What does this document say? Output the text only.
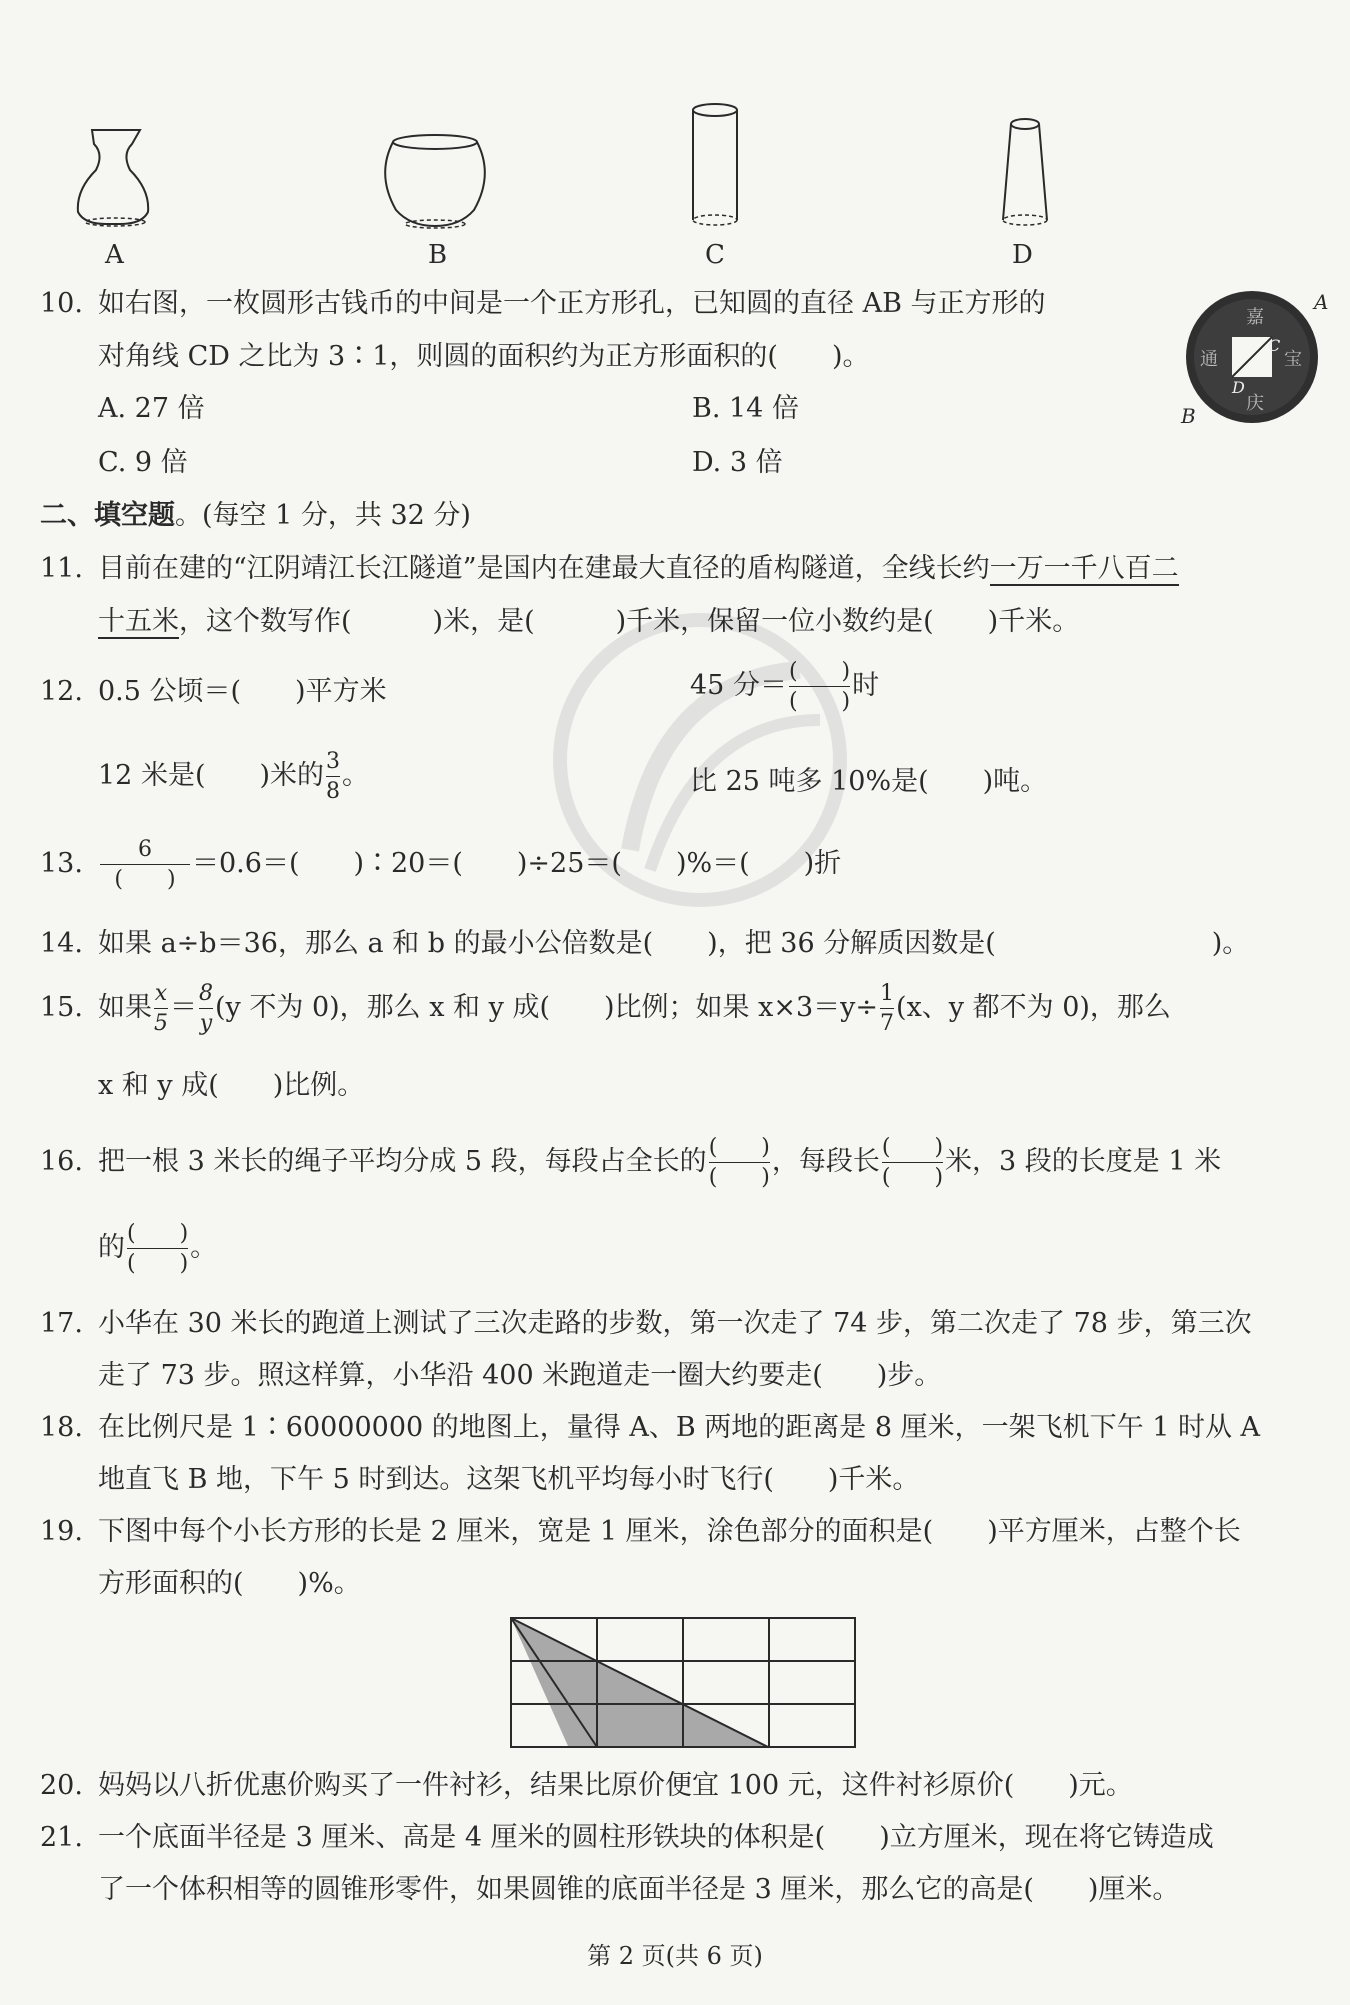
A	B	C	D
10. 如右图，一枚圆形古钱币的中间是一个正方形孔，已知圆的直径 AB 与正方形的
对角线 CD 之比为 3∶1，则圆的面积约为正方形面积的(　　)。
A. 27 倍	B. 14 倍
C. 9 倍	D. 3 倍
嘉
通	宝
庆
B
A
C
D
二、填空题。(每空 1 分，共 32 分)
11. 目前在建的“江阴靖江长江隧道”是国内在建最大直径的盾构隧道，全线长约一万一千八百二
十五米，这个数写作(　　　)米，是(　　　)千米，保留一位小数约是(　　)千米。
12. 0.5 公顷＝(　　)平方米	45 分＝ $\frac{( )}{( )}$ 时
12 米是(　　)米的 $\frac{3}{8}$ 。	比 25 吨多 10%是(　　)吨。
13. $\frac{6}{( )} =0.6=$(　　)∶20＝(　　)÷25＝(　　)%＝(　　)折
14. 如果 a÷b＝36，那么 a 和 b 的最小公倍数是(　　)，把 36 分解质因数是(　　　　　　　　)。
15. 如果 $\frac{x}{5} = \frac{8}{y} (y$ 不为 0)，那么 x 和 y 成(　　)比例；如果 $x\times 3=y\div \frac{1}{7} (x$、y 都不为 0)，那么
x 和 y 成(　　)比例。
16. 把一根 3 米长的绳子平均分成 5 段，每段占全长的 $\frac{( )}{( )}$ ，每段长 $\frac{( )}{( )}$ 米，3 段的长度是 1 米
的 $\frac{( )}{( )}$ 。
17. 小华在 30 米长的跑道上测试了三次走路的步数，第一次走了 74 步，第二次走了 78 步，第三次
走了 73 步。照这样算，小华沿 400 米跑道走一圈大约要走(　　)步。
18. 在比例尺是 1∶60000000 的地图上，量得 A、B 两地的距离是 8 厘米，一架飞机下午 1 时从 A
地直飞 B 地，下午 5 时到达。这架飞机平均每小时飞行(　　)千米。
19. 下图中每个小长方形的长是 2 厘米，宽是 1 厘米，涂色部分的面积是(　　)平方厘米，占整个长
方形面积的(　　)%。
20. 妈妈以八折优惠价购买了一件衬衫，结果比原价便宜 100 元，这件衬衫原价(　　)元。
21. 一个底面半径是 3 厘米、高是 4 厘米的圆柱形铁块的体积是(　　)立方厘米，现在将它铸造成
了一个体积相等的圆锥形零件，如果圆锥的底面半径是 3 厘米，那么它的高是(　　)厘米。
第 2 页(共 6 页)
